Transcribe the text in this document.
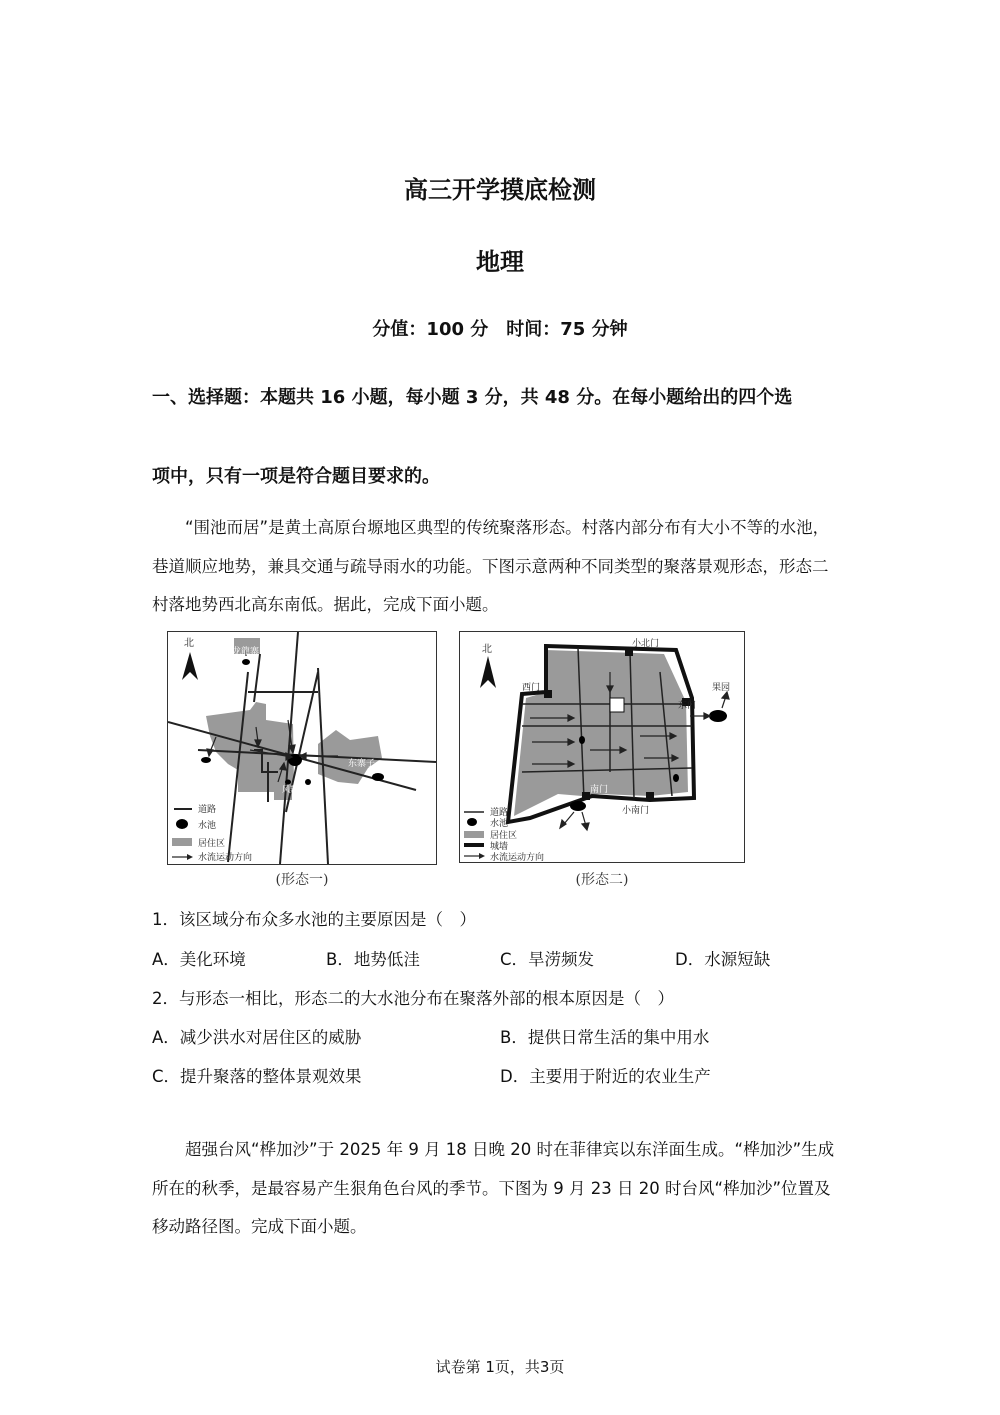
高三开学摸底检测
地理
分值：100 分　时间：75 分钟
一、选择题：本题共 16 小题，每小题 3 分，共 48 分。在每小题给出的四个选
项中，只有一项是符合题目要求的。

“围池而居”是黄土高原台塬地区典型的传统聚落形态。村落内部分布有大小不等的水池，巷道顺应地势，兼具交通与疏导雨水的功能。下图示意两种不同类型的聚落景观形态，形态二村落地势西北高东南低。据此，完成下面小题。

北
龙龍寨
东寨子
风翔寨
道路
水池
居住区
水流运动方向
(形态一)
北	小北门
西门
东门
果园
南门
小南门
道路
水池
居住区
城墙
水流运动方向
(形态二)
1．该区域分布众多水池的主要原因是（　）
A．美化环境	B．地势低洼	C．旱涝频发	D．水源短缺
2．与形态一相比，形态二的大水池分布在聚落外部的根本原因是（　）
A．减少洪水对居住区的威胁	B．提供日常生活的集中用水
C．提升聚落的整体景观效果	D．主要用于附近的农业生产

超强台风“桦加沙”于 2025 年 9 月 18 日晚 20 时在菲律宾以东洋面生成。“桦加沙”生成所在的秋季，是最容易产生狠角色台风的季节。下图为 9 月 23 日 20 时台风“桦加沙”位置及移动路径图。完成下面小题。

试卷第 1页，共3页
